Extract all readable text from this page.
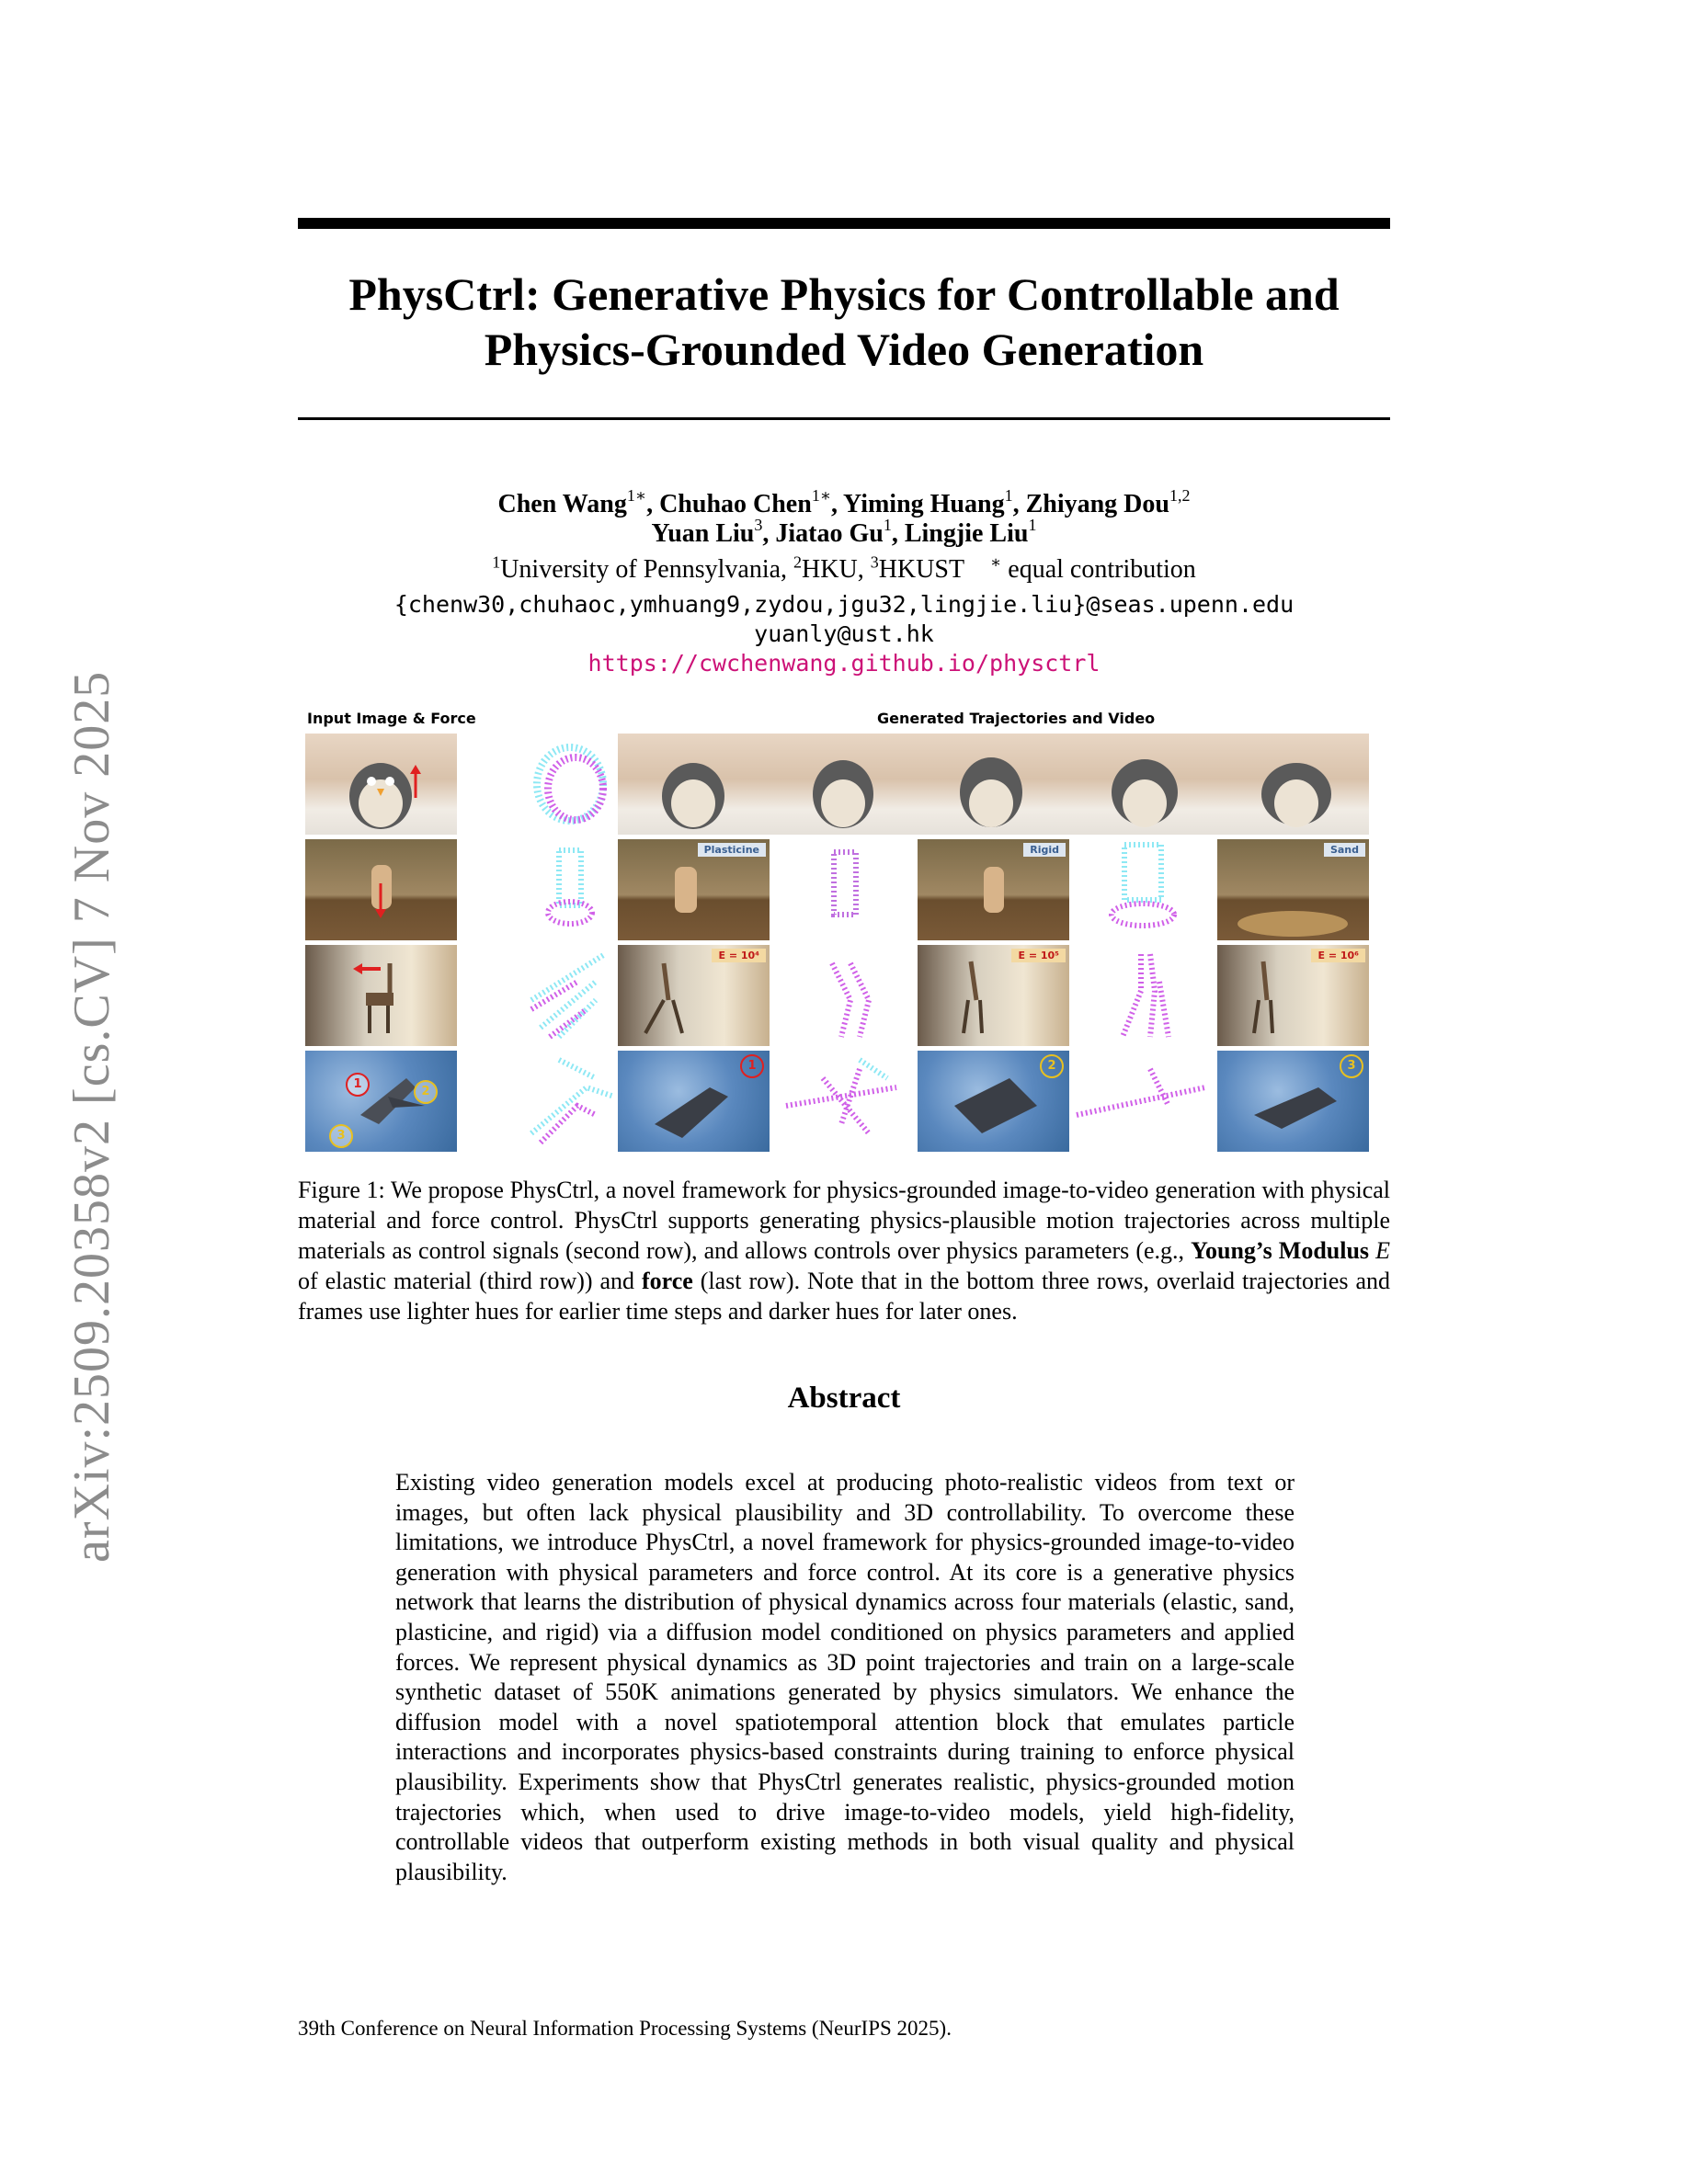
arXiv:2509.20358v2 [cs.CV] 7 Nov 2025
PhysCtrl: Generative Physics for Controllable and
Physics-Grounded Video Generation
Chen Wang$^{1∗}$, Chuhao Chen$^{1∗}$, Yiming Huang$^1$, Zhiyang Dou$^{1,2}$
Yuan Liu$^3$, Jiatao Gu$^1$, Lingjie Liu$^1$
$^1$University of Pennsylvania, $^2$HKU, $^3$HKUST ∗ equal contribution
{chenw30,chuhaoc,ymhuang9,zydou,jgu32,lingjie.liu}@seas.upenn.edu
yuanly@ust.hk
https://cwchenwang.github.io/physctrl
Input Image & Force	Generated Trajectories and Video
Plasticine	Rigid	Sand
E = 10⁴	E = 10⁵	E = 10⁶
1
2
3
1	2	3
Figure 1: We propose PhysCtrl, a novel framework for physics-grounded image-to-video generation with physical material and force control. PhysCtrl supports generating physics-plausible motion trajectories across multiple materials as control signals (second row), and allows controls over physics parameters (e.g., Young’s Modulus E of elastic material (third row)) and force (last row). Note that in the bottom three rows, overlaid trajectories and frames use lighter hues for earlier time steps and darker hues for later ones.
Abstract
Existing video generation models excel at producing photo-realistic videos from text or images, but often lack physical plausibility and 3D controllability. To overcome these limitations, we introduce PhysCtrl, a novel framework for physics-grounded image-to-video generation with physical parameters and force control. At its core is a generative physics network that learns the distribution of physical dynamics across four materials (elastic, sand, plasticine, and rigid) via a diffusion model conditioned on physics parameters and applied forces. We represent physical dynamics as 3D point trajectories and train on a large-scale synthetic dataset of 550K animations generated by physics simulators. We enhance the diffusion model with a novel spatiotemporal attention block that emulates particle interactions and incorporates physics-based constraints during training to enforce physical plausibility. Experiments show that PhysCtrl generates realistic, physics-grounded motion trajectories which, when used to drive image-to-video models, yield high-fidelity, controllable videos that outperform existing methods in both visual quality and physical plausibility.
39th Conference on Neural Information Processing Systems (NeurIPS 2025).
